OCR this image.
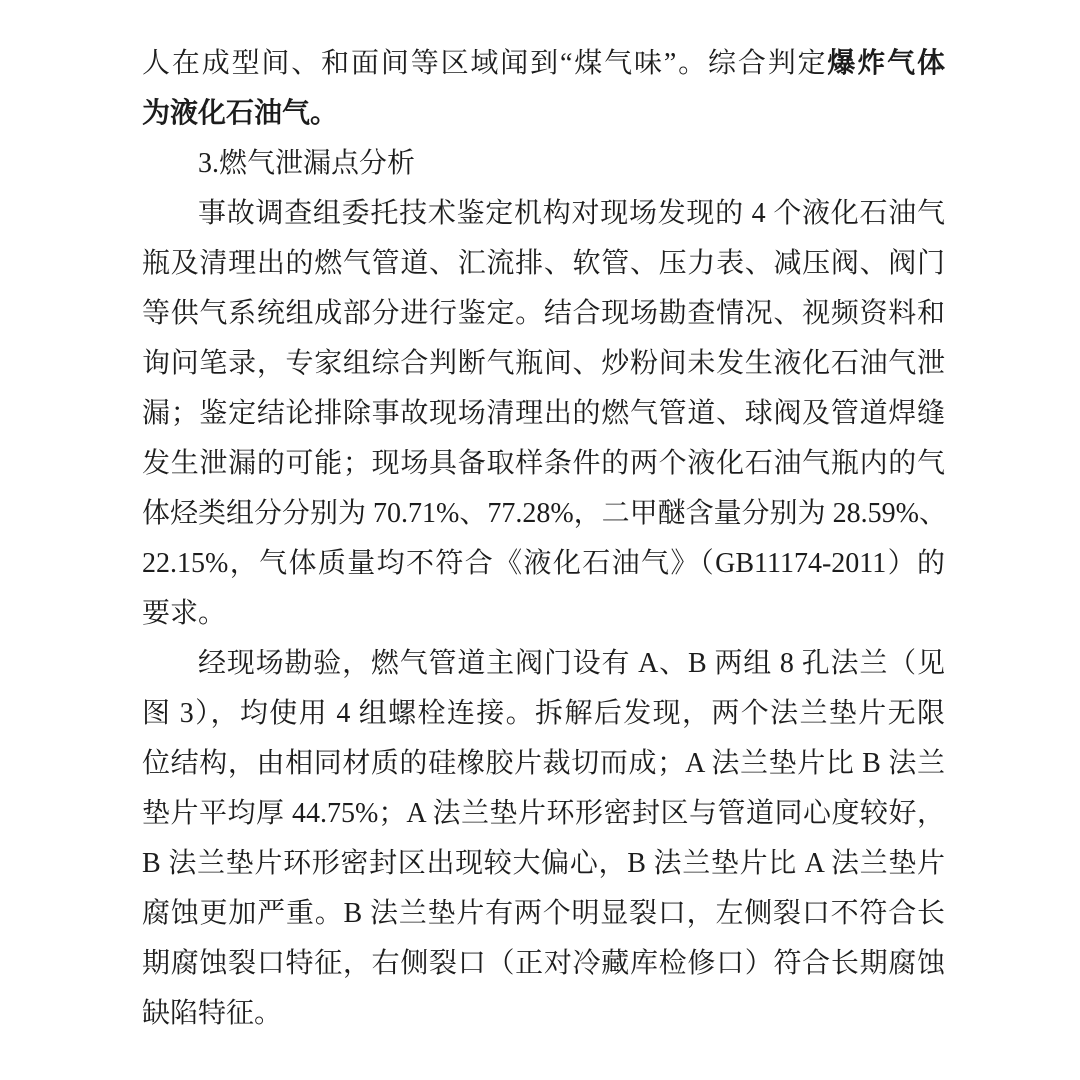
人在成型间、和面间等区域闻到“煤气味”。综合判定爆炸气体
为液化石油气。
3.燃气泄漏点分析
事故调查组委托技术鉴定机构对现场发现的 4 个液化石油气
瓶及清理出的燃气管道、汇流排、软管、压力表、减压阀、阀门
等供气系统组成部分进行鉴定。结合现场勘查情况、视频资料和
询问笔录，专家组综合判断气瓶间、炒粉间未发生液化石油气泄
漏；鉴定结论排除事故现场清理出的燃气管道、球阀及管道焊缝
发生泄漏的可能；现场具备取样条件的两个液化石油气瓶内的气
体烃类组分分别为 70.71%、77.28%，二甲醚含量分别为 28.59%、
22.15%，气体质量均不符合《液化石油气》（GB11174-2011）的
要求。
经现场勘验，燃气管道主阀门设有 A、B 两组 8 孔法兰（见
图 3），均使用 4 组螺栓连接。拆解后发现，两个法兰垫片无限
位结构，由相同材质的硅橡胶片裁切而成；A 法兰垫片比 B 法兰
垫片平均厚 44.75%；A 法兰垫片环形密封区与管道同心度较好，
B 法兰垫片环形密封区出现较大偏心，B 法兰垫片比 A 法兰垫片
腐蚀更加严重。B 法兰垫片有两个明显裂口，左侧裂口不符合长
期腐蚀裂口特征，右侧裂口（正对冷藏库检修口）符合长期腐蚀
缺陷特征。
